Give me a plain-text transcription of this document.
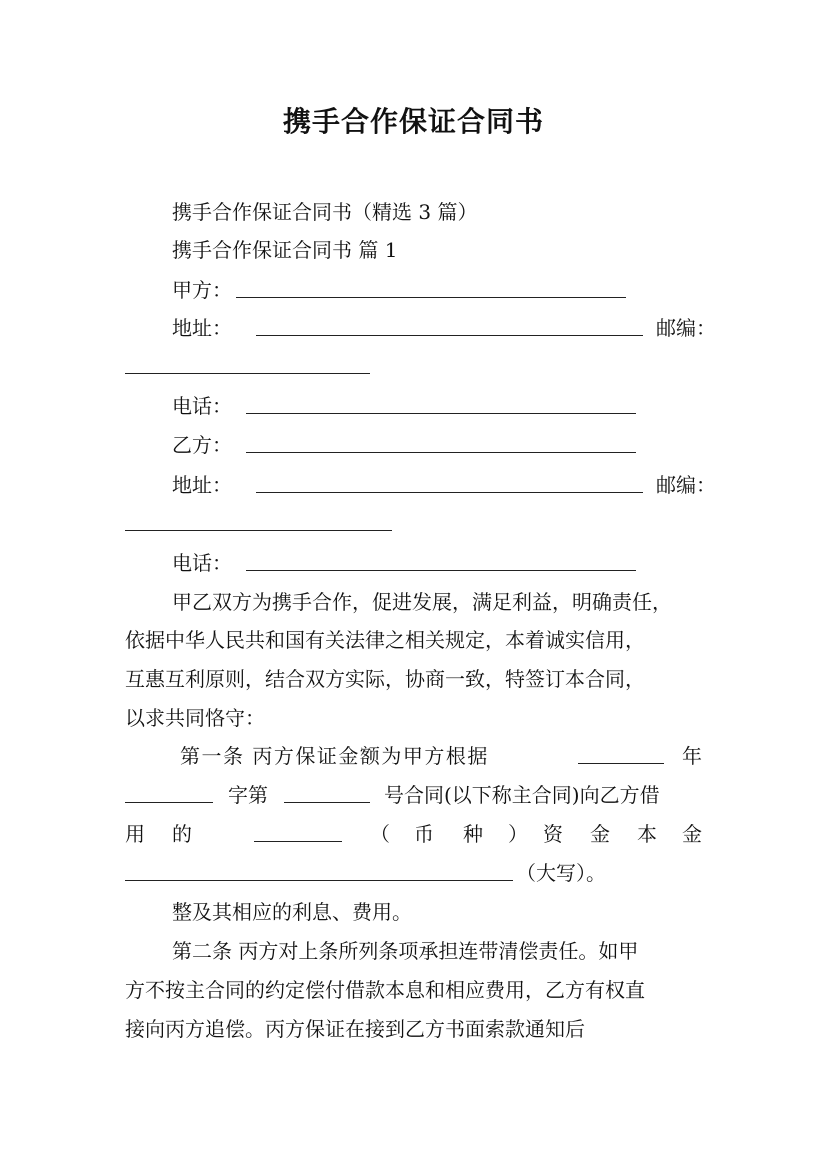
携手合作保证合同书
携手合作保证合同书（精选 3 篇）
携手合作保证合同书 篇 1
甲方：
地址：	邮编：
电话：
乙方：
地址：	邮编：
电话：
甲乙双方为携手合作，促进发展，满足利益，明确责任，
依据中华人民共和国有关法律之相关规定，本着诚实信用，
互惠互利原则，结合双方实际，协商一致，特签订本合同，
以求共同恪守：
第一条 丙方保证金额为甲方根据	年
字第	号合同(以下称主合同)向乙方借
用 的	（ 币 种 ） 资 金 本 金
（大写）。
整及其相应的利息、费用。
第二条 丙方对上条所列条项承担连带清偿责任。如甲
方不按主合同的约定偿付借款本息和相应费用，乙方有权直
接向丙方追偿。丙方保证在接到乙方书面索款通知后
